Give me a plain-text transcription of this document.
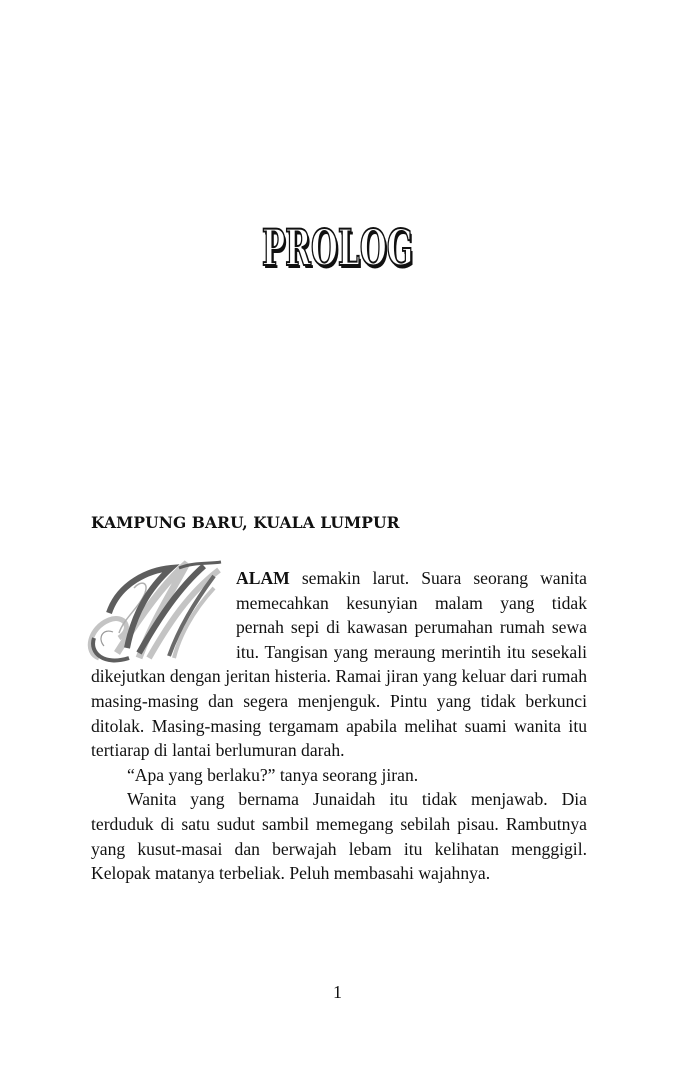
PROLOG
KAMPUNG BARU, KUALA LUMPUR

ALAM semakin larut. Suara seorang wanita memecahkan kesunyian malam yang tidak pernah sepi di kawasan perumahan rumah sewa itu. Tangisan yang meraung merintih itu sesekali dikejutkan dengan jeritan histeria. Ramai jiran yang keluar dari rumah masing-masing dan segera menjenguk. Pintu yang tidak berkunci ditolak. Masing-masing tergamam apabila melihat suami wanita itu tertiarap di lantai berlumuran darah.

“Apa yang berlaku?” tanya seorang jiran.

Wanita yang bernama Junaidah itu tidak menjawab. Dia terduduk di satu sudut sambil memegang sebilah pisau. Rambutnya yang kusut-masai dan berwajah lebam itu kelihatan menggigil. Kelopak matanya terbeliak. Peluh membasahi wajahnya.

1
